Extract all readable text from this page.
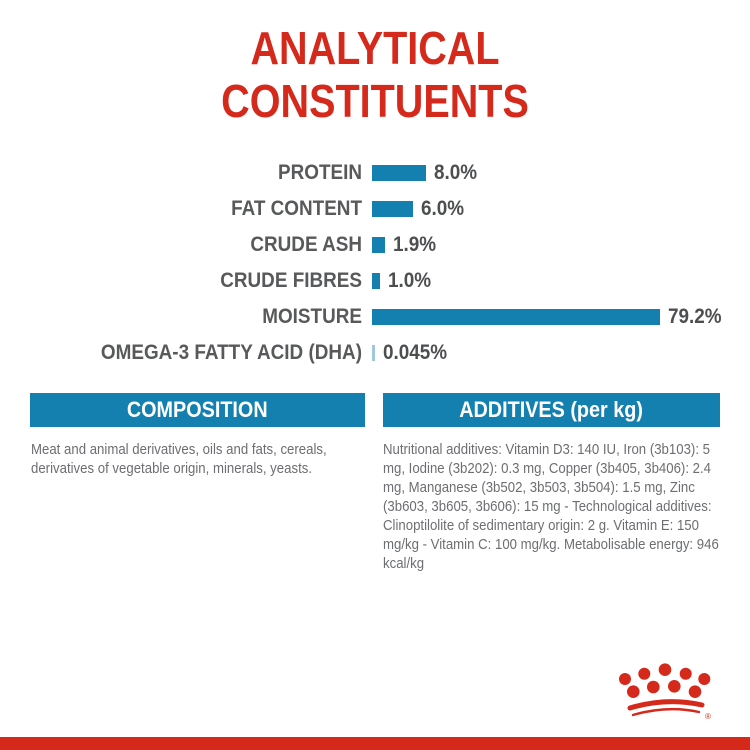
ANALYTICAL
CONSTITUENTS
PROTEIN	8.0%
FAT CONTENT	6.0%
CRUDE ASH 1.9%
CRUDE FIBRES 1.0%
MOISTURE	79.2%
OMEGA-3 FATTY ACID (DHA) 0.045%
COMPOSITION	ADDITIVES (per kg)
Meat and animal derivatives, oils and fats, cereals, derivatives of vegetable origin, minerals, yeasts.
Nutritional additives: Vitamin D3: 140 IU, Iron (3b103): 5 mg, Iodine (3b202): 0.3 mg, Copper (3b405, 3b406): 2.4 mg, Manganese (3b502, 3b503, 3b504): 1.5 mg, Zinc (3b603, 3b605, 3b606): 15 mg - Technological additives: Clinoptilolite of sedimentary origin: 2 g. Vitamin E: 150 mg/kg - Vitamin C: 100 mg/kg. Metabolisable energy: 946 kcal/kg
®
